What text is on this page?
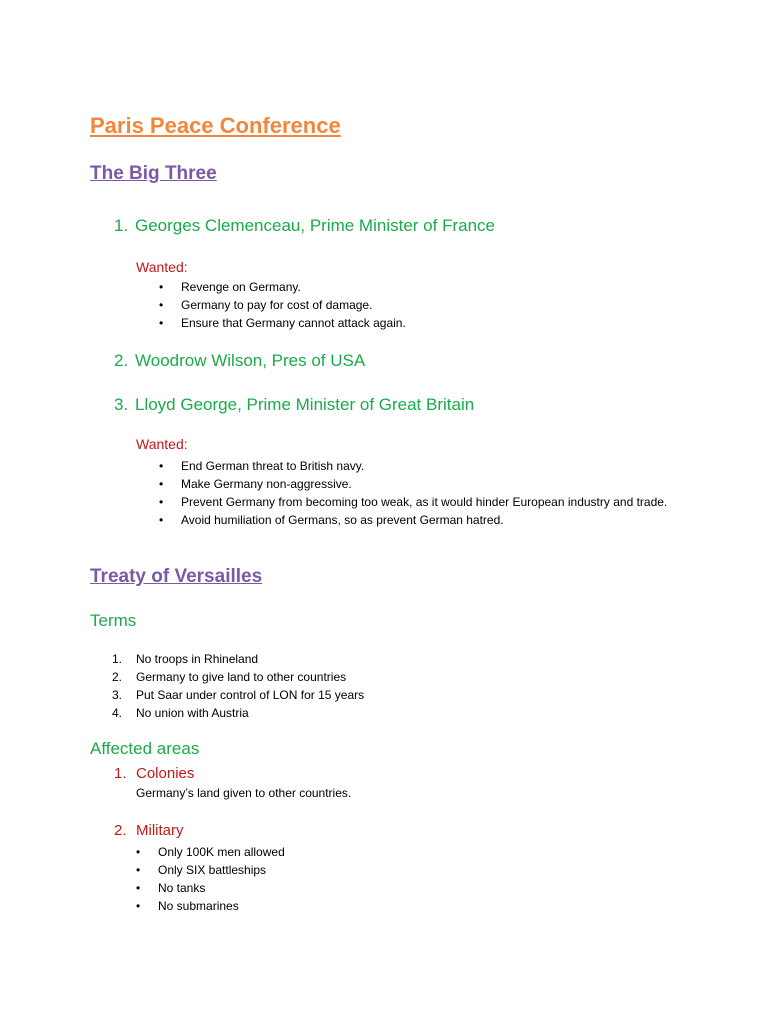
Paris Peace Conference
The Big Three
1. Georges Clemenceau, Prime Minister of France
Wanted:
• Revenge on Germany.
• Germany to pay for cost of damage.
• Ensure that Germany cannot attack again.
2. Woodrow Wilson, Pres of USA
3. Lloyd George, Prime Minister of Great Britain
Wanted:
• End German threat to British navy.
• Make Germany non-aggressive.
• Prevent Germany from becoming too weak, as it would hinder European industry and trade.
• Avoid humiliation of Germans, so as prevent German hatred.
Treaty of Versailles
Terms
1. No troops in Rhineland
2. Germany to give land to other countries
3. Put Saar under control of LON for 15 years
4. No union with Austria
Affected areas
1. Colonies
Germany’s land given to other countries.
2. Military
• Only 100K men allowed
• Only SIX battleships
• No tanks
• No submarines
